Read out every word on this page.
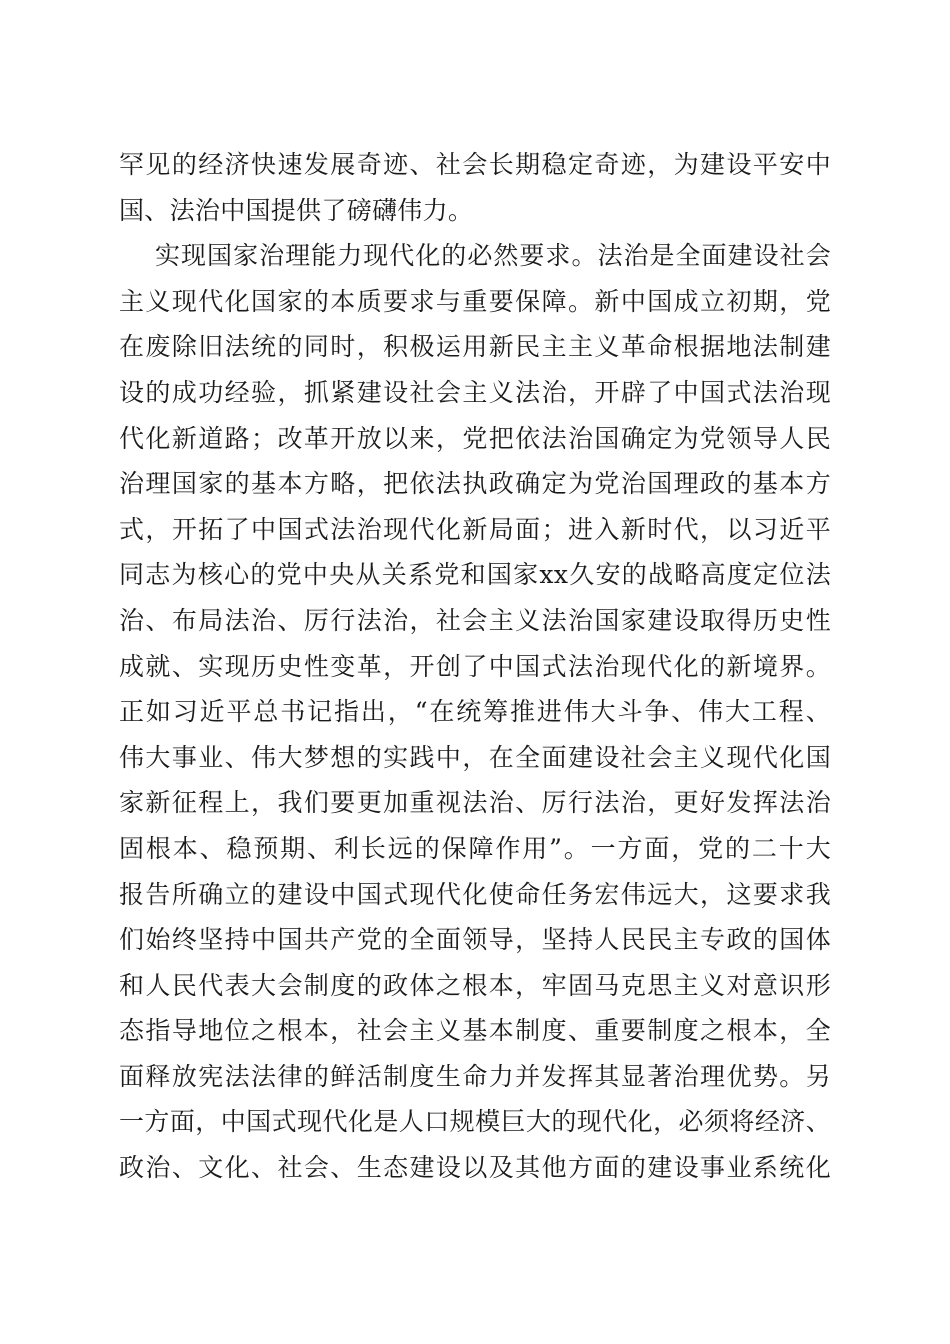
罕见的经济快速发展奇迹、社会长期稳定奇迹，为建设平安中
国、法治中国提供了磅礴伟力。
实现国家治理能力现代化的必然要求。法治是全面建设社会
主义现代化国家的本质要求与重要保障。新中国成立初期，党
在废除旧法统的同时，积极运用新民主主义革命根据地法制建
设的成功经验，抓紧建设社会主义法治，开辟了中国式法治现
代化新道路；改革开放以来，党把依法治国确定为党领导人民
治理国家的基本方略，把依法执政确定为党治国理政的基本方
式，开拓了中国式法治现代化新局面；进入新时代，以习近平
同志为核心的党中央从关系党和国家xx久安的战略高度定位法
治、布局法治、厉行法治，社会主义法治国家建设取得历史性
成就、实现历史性变革，开创了中国式法治现代化的新境界。
正如习近平总书记指出，“在统筹推进伟大斗争、伟大工程、
伟大事业、伟大梦想的实践中，在全面建设社会主义现代化国
家新征程上，我们要更加重视法治、厉行法治，更好发挥法治
固根本、稳预期、利长远的保障作用”。一方面，党的二十大
报告所确立的建设中国式现代化使命任务宏伟远大，这要求我
们始终坚持中国共产党的全面领导，坚持人民民主专政的国体
和人民代表大会制度的政体之根本，牢固马克思主义对意识形
态指导地位之根本，社会主义基本制度、重要制度之根本，全
面释放宪法法律的鲜活制度生命力并发挥其显著治理优势。另
一方面，中国式现代化是人口规模巨大的现代化，必须将经济、
政治、文化、社会、生态建设以及其他方面的建设事业系统化
